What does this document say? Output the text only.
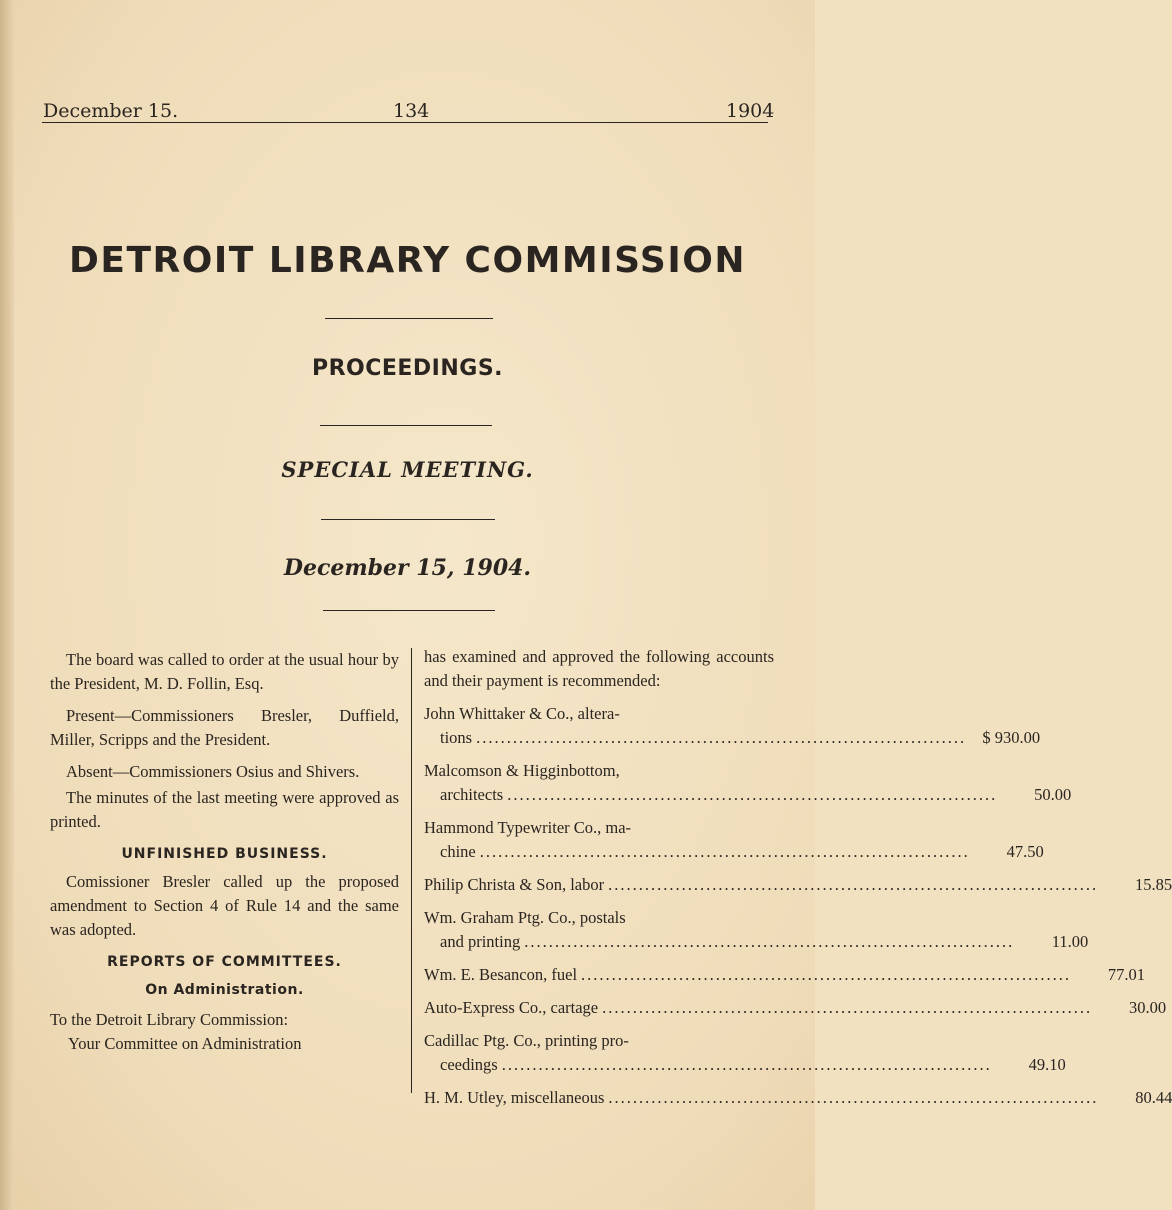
December 15.	134	1904
DETROIT LIBRARY COMMISSION
PROCEEDINGS.
SPECIAL MEETING.
December 15, 1904.

The board was called to order at the usual hour by the President, M. D. Follin, Esq.

Present—Commissioners Bresler, Duffield, Miller, Scripps and the President.

Absent—Commissioners Osius and Shivers.

The minutes of the last meeting were approved as printed.

UNFINISHED BUSINESS.

Comissioner Bresler called up the proposed amendment to Section 4 of Rule 14 and the same was adopted.

REPORTS OF COMMITTEES.
On Administration.

To the Detroit Library Commission:

Your Committee on Administration

has examined and approved the following accounts and their payment is recommended:

John Whittaker & Co., altera-
tions ................................................................................ $ 930.00
Malcomson & Higginbottom,
architects ................................................................................	50.00
Hammond Typewriter Co., ma-
chine ................................................................................	47.50
Philip Christa & Son, labor ................................................................................	15.85
Wm. Graham Ptg. Co., postals
and printing ................................................................................	11.00
Wm. E. Besancon, fuel ................................................................................	77.01
Auto-Express Co., cartage ................................................................................	30.00
Cadillac Ptg. Co., printing pro-
ceedings ................................................................................	49.10
H. M. Utley, miscellaneous ................................................................................	80.44
